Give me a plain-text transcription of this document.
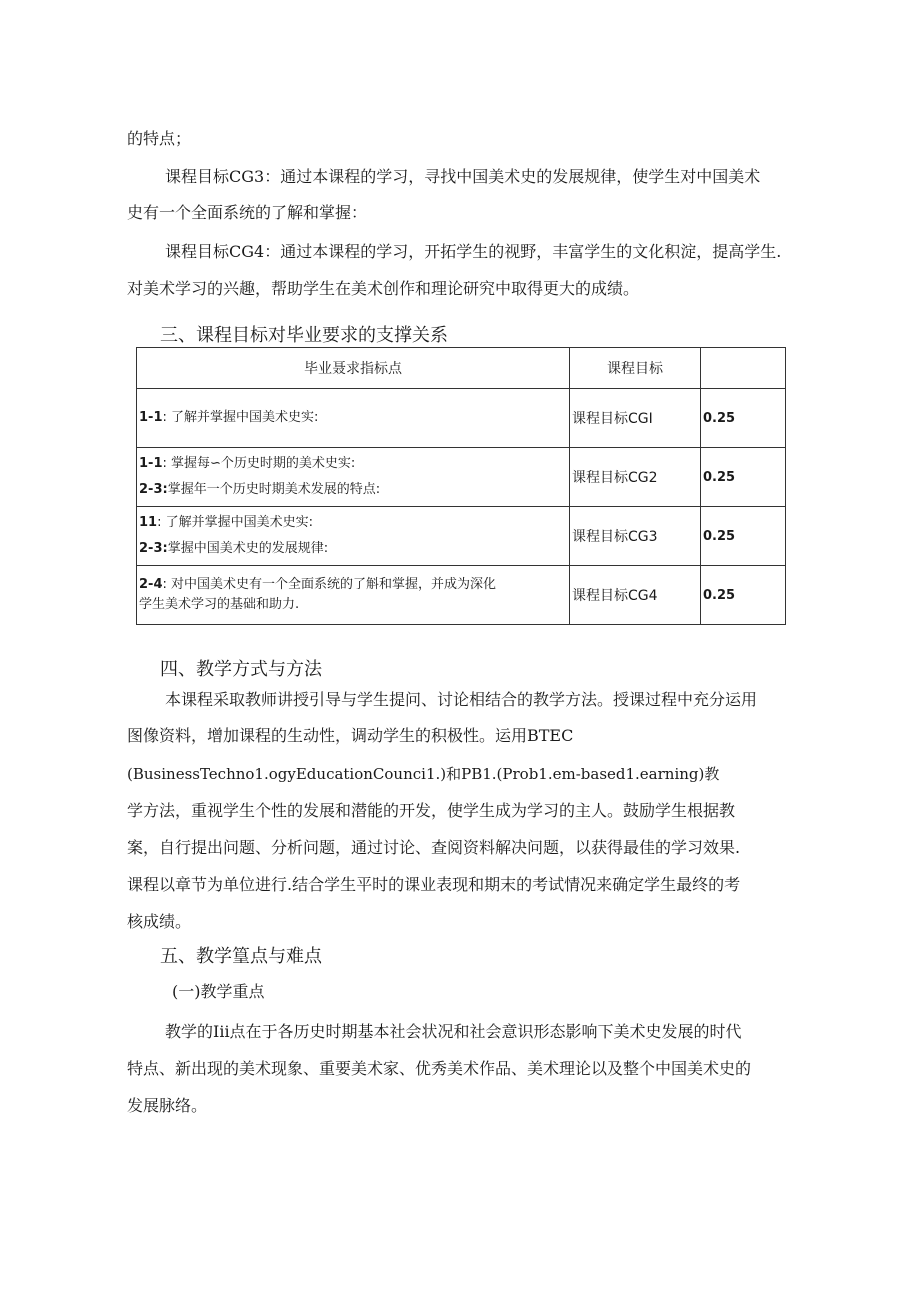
的特点；

课程目标CG3：通过本课程的学习，寻找中国美术史的发展规律，使学生对中国美术

史有一个全面系统的了解和掌握：

课程目标CG4：通过本课程的学习，开拓学生的视野，丰富学生的文化积淀，提高学生.

对美术学习的兴趣，帮助学生在美术创作和理论研究中取得更大的成绩。

三、课程目标对毕业要求的支撑关系
毕业聂求指标点	课程目标	

1-1: 了解并掌握中国美术史实:	课程目标CGI	0.25

1-1: 掌握每∽个历史时期的美术史实:
2-3:掌握年一个历史时期美术发展的特点:	课程目标CG2	0.25

11: 了解并掌握中国美术史实:
2-3:掌握中国美术史的发展规律:	课程目标CG3	0.25

2-4: 对中国美术史有一个全面系统的了斛和掌握，并成为深化
学生美术学习的基础和助力.	课程目标CG4	0.25
四、教学方式与方法

本课程采取教师讲授引导与学生提问、讨论相结合的教学方法。授课过程中充分运用

图像资料，增加课程的生动性，调动学生的积极性。运用BTEC

(BusinessTechno1.ogyEducationCounci1.)和PB1.(Prob1.em-based1.earning)教

学方法，重视学生个性的发展和潜能的开发，使学生成为学习的主人。鼓励学生根据教

案，自行提出问题、分析问题，通过讨论、查阅资料解决问题，以获得最佳的学习效果.

课程以章节为单位进行.结合学生平时的课业表现和期末的考试情况来确定学生最终的考

核成绩。

五、教学篁点与难点

(一)教学重点

教学的Iii点在于各历史时期基本社会状况和社会意识形态影响下美术史发展的时代

特点、新出现的美术现象、重要美术家、优秀美术作品、美术理论以及整个中国美术史的

发展脉络。
